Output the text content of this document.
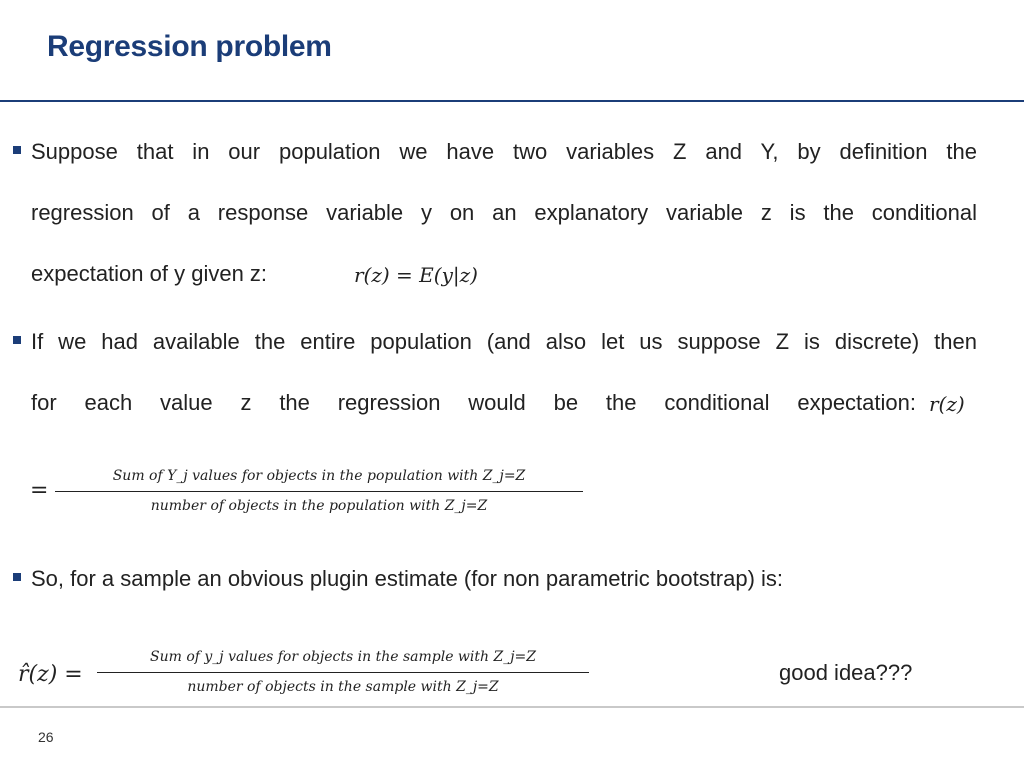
Regression problem
Suppose that in our population we have two variables Z and Y, by definition the
regression of a response variable y on an explanatory variable z is the conditional
expectation of y given z:	r(z) = E(y|z)
If we had available the entire population (and also let us suppose Z is discrete) then
for each value z the regression would be the conditional expectation: r(z)
=
Sum of Y_j values for objects in the population with Z_j=Z
number of objects in the population with Z_j=Z
So, for a sample an obvious plugin estimate (for non parametric bootstrap) is:
r̂(z) =
Sum of y_j values for objects in the sample with Z_j=Z
number of objects in the sample with Z_j=Z
good idea???
26
